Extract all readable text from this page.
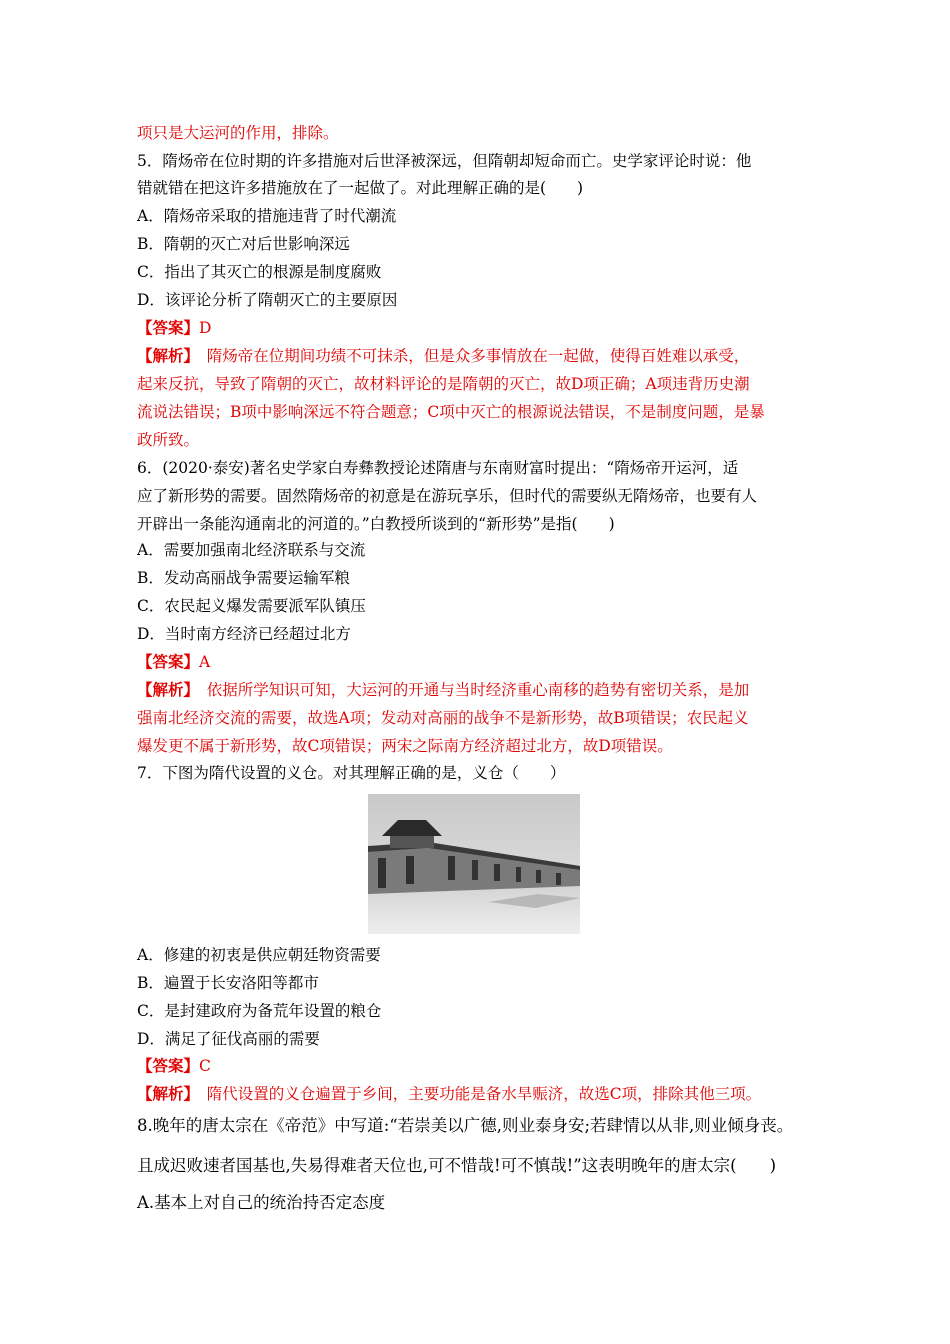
项只是大运河的作用，排除。
5．隋炀帝在位时期的许多措施对后世泽被深远，但隋朝却短命而亡。史学家评论时说：他
错就错在把这许多措施放在了一起做了。对此理解正确的是(　　)
A．隋炀帝采取的措施违背了时代潮流
B．隋朝的灭亡对后世影响深远
C．指出了其灭亡的根源是制度腐败
D．该评论分析了隋朝灭亡的主要原因
【答案】D
【解析】　隋炀帝在位期间功绩不可抹杀，但是众多事情放在一起做，使得百姓难以承受，
起来反抗，导致了隋朝的灭亡，故材料评论的是隋朝的灭亡，故D项正确；A项违背历史潮
流说法错误；B项中影响深远不符合题意；C项中灭亡的根源说法错误，不是制度问题，是暴
政所致。
6．(2020·泰安)著名史学家白寿彝教授论述隋唐与东南财富时提出：“隋炀帝开运河，适
应了新形势的需要。固然隋炀帝的初意是在游玩享乐，但时代的需要纵无隋炀帝，也要有人
开辟出一条能沟通南北的河道的。”白教授所谈到的“新形势”是指(　　)
A．需要加强南北经济联系与交流
B．发动高丽战争需要运输军粮
C．农民起义爆发需要派军队镇压
D．当时南方经济已经超过北方
【答案】A
【解析】　依据所学知识可知，大运河的开通与当时经济重心南移的趋势有密切关系，是加
强南北经济交流的需要，故选A项；发动对高丽的战争不是新形势，故B项错误；农民起义
爆发更不属于新形势，故C项错误；两宋之际南方经济超过北方，故D项错误。
7．下图为隋代设置的义仓。对其理解正确的是，义仓（　　）
A．修建的初衷是供应朝廷物资需要
B．遍置于长安洛阳等都市
C．是封建政府为备荒年设置的粮仓
D．满足了征伐高丽的需要
【答案】C
【解析】　隋代设置的义仓遍置于乡间，主要功能是备水旱赈济，故选C项，排除其他三项。
8.晚年的唐太宗在《帝范》中写道:“若崇美以广德,则业泰身安;若肆情以从非,则业倾身丧。
且成迟败速者国基也,失易得难者天位也,可不惜哉!可不慎哉!”这表明晚年的唐太宗(　　)
A.基本上对自己的统治持否定态度
